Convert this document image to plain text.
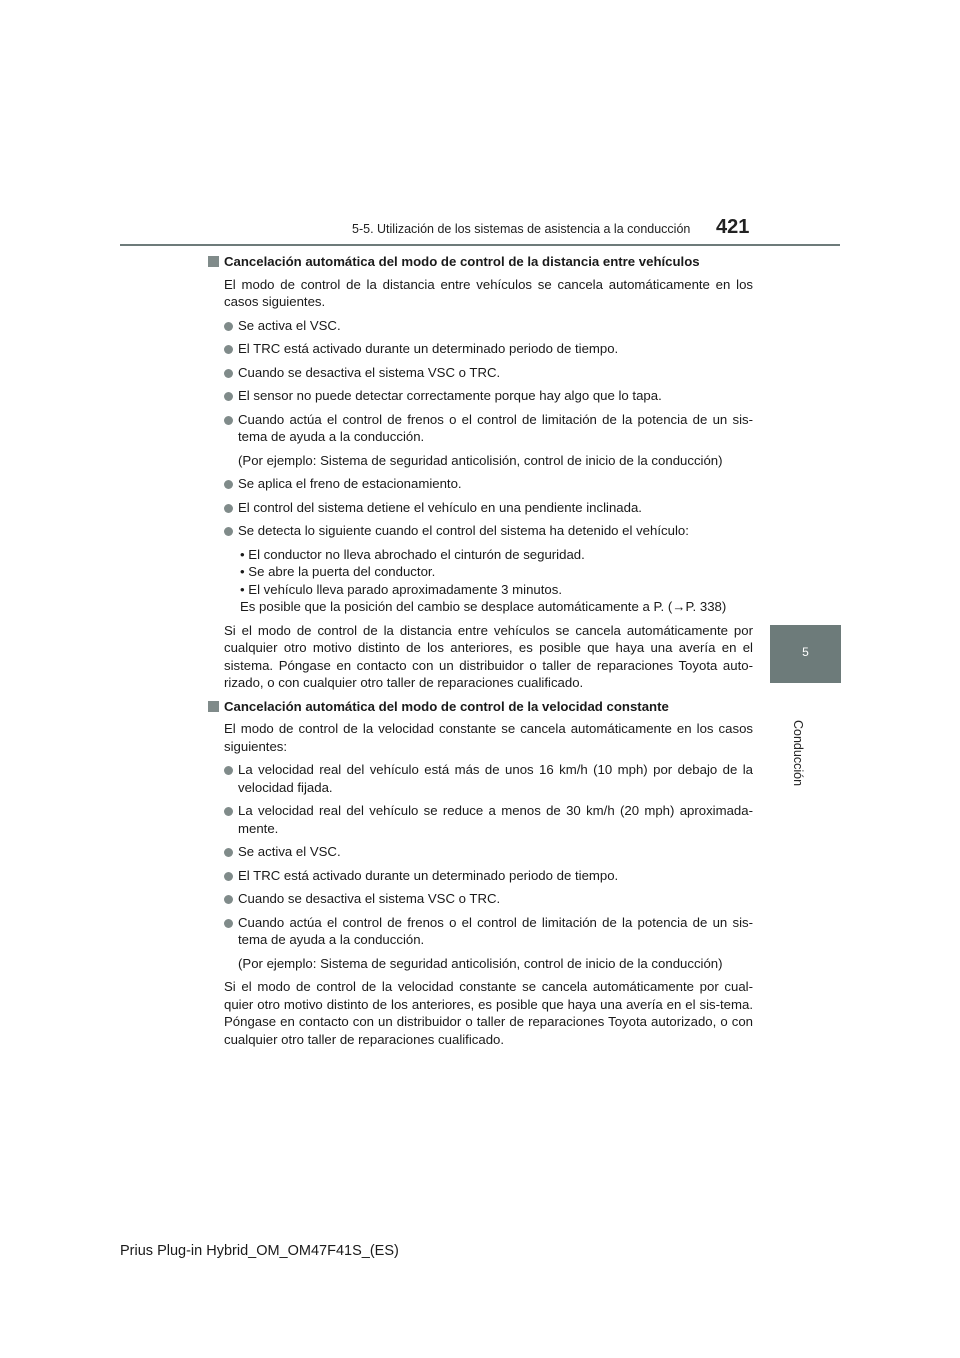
5-5. Utilización de los sistemas de asistencia a la conducción 421
5
Conducción
Cancelación automática del modo de control de la distancia entre vehículos
El modo de control de la distancia entre vehículos se cancela automáticamente en los casos siguientes.
Se activa el VSC.
El TRC está activado durante un determinado periodo de tiempo.
Cuando se desactiva el sistema VSC o TRC.
El sensor no puede detectar correctamente porque hay algo que lo tapa.
Cuando actúa el control de frenos o el control de limitación de la potencia de un sis-tema de ayuda a la conducción.
(Por ejemplo: Sistema de seguridad anticolisión, control de inicio de la conducción)
Se aplica el freno de estacionamiento.
El control del sistema detiene el vehículo en una pendiente inclinada.
Se detecta lo siguiente cuando el control del sistema ha detenido el vehículo:
• El conductor no lleva abrochado el cinturón de seguridad.
• Se abre la puerta del conductor.
• El vehículo lleva parado aproximadamente 3 minutos.
Es posible que la posición del cambio se desplace automáticamente a P. (→P. 338)
Si el modo de control de la distancia entre vehículos se cancela automáticamente por cualquier otro motivo distinto de los anteriores, es posible que haya una avería en el sistema. Póngase en contacto con un distribuidor o taller de reparaciones Toyota auto-rizado, o con cualquier otro taller de reparaciones cualificado.
Cancelación automática del modo de control de la velocidad constante
El modo de control de la velocidad constante se cancela automáticamente en los casos siguientes:
La velocidad real del vehículo está más de unos 16 km/h (10 mph) por debajo de la velocidad fijada.
La velocidad real del vehículo se reduce a menos de 30 km/h (20 mph) aproximada-mente.
Se activa el VSC.
El TRC está activado durante un determinado periodo de tiempo.
Cuando se desactiva el sistema VSC o TRC.
Cuando actúa el control de frenos o el control de limitación de la potencia de un sis-tema de ayuda a la conducción.
(Por ejemplo: Sistema de seguridad anticolisión, control de inicio de la conducción)
Si el modo de control de la velocidad constante se cancela automáticamente por cual-quier otro motivo distinto de los anteriores, es posible que haya una avería en el sis-tema. Póngase en contacto con un distribuidor o taller de reparaciones Toyota autorizado, o con cualquier otro taller de reparaciones cualificado.
Prius Plug-in Hybrid_OM_OM47F41S_(ES)
